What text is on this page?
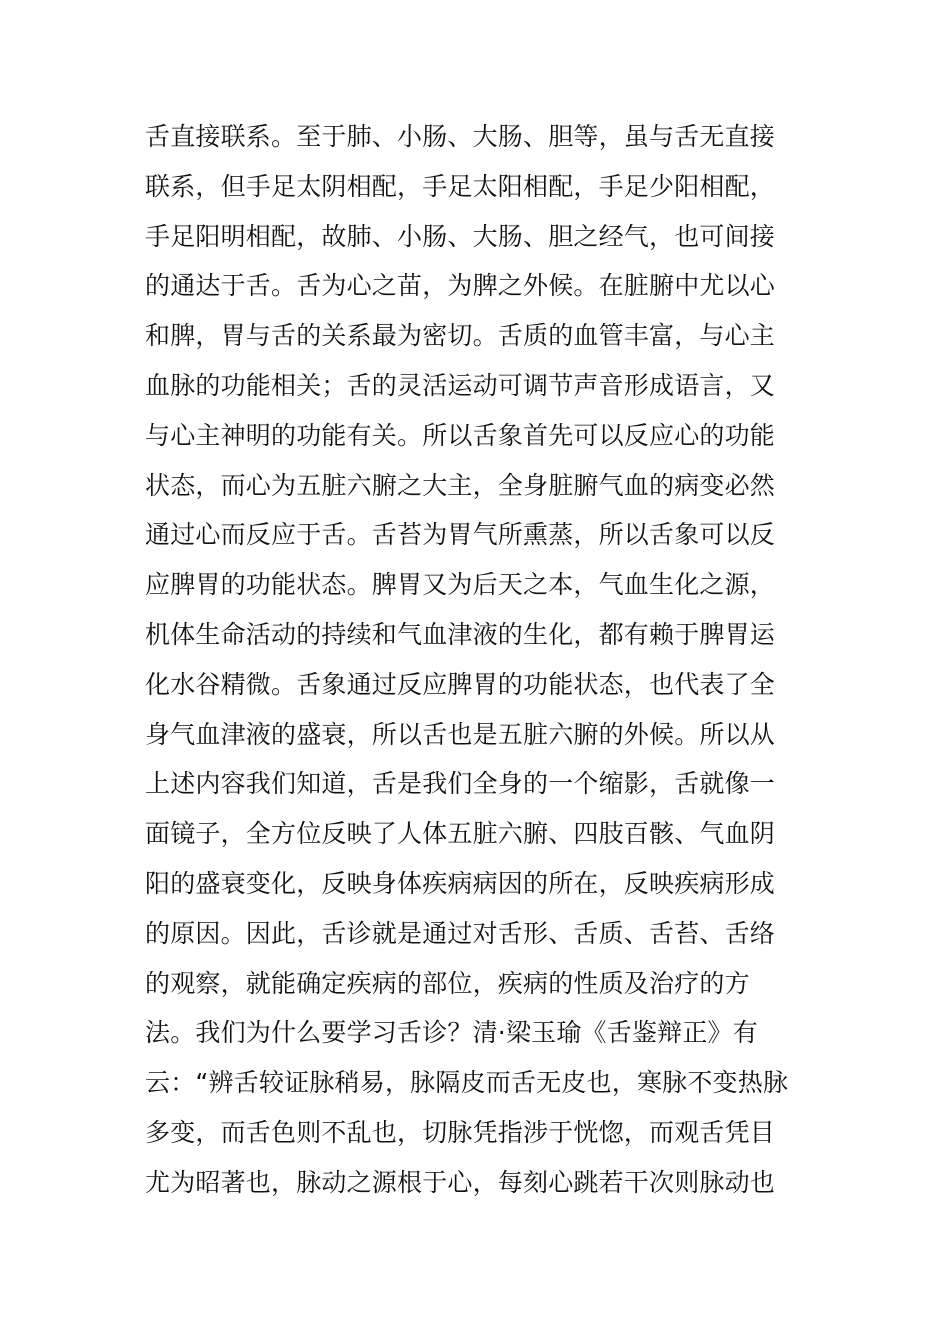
舌直接联系。至于肺、小肠、大肠、胆等，虽与舌无直接
联系，但手足太阴相配，手足太阳相配，手足少阳相配，
手足阳明相配，故肺、小肠、大肠、胆之经气，也可间接
的通达于舌。舌为心之苗，为脾之外候。在脏腑中尤以心
和脾，胃与舌的关系最为密切。舌质的血管丰富，与心主
血脉的功能相关；舌的灵活运动可调节声音形成语言，又
与心主神明的功能有关。所以舌象首先可以反应心的功能
状态，而心为五脏六腑之大主，全身脏腑气血的病变必然
通过心而反应于舌。舌苔为胃气所熏蒸，所以舌象可以反
应脾胃的功能状态。脾胃又为后天之本，气血生化之源，
机体生命活动的持续和气血津液的生化，都有赖于脾胃运
化水谷精微。舌象通过反应脾胃的功能状态，也代表了全
身气血津液的盛衰，所以舌也是五脏六腑的外候。所以从
上述内容我们知道，舌是我们全身的一个缩影，舌就像一
面镜子，全方位反映了人体五脏六腑、四肢百骸、气血阴
阳的盛衰变化，反映身体疾病病因的所在，反映疾病形成
的原因。因此，舌诊就是通过对舌形、舌质、舌苔、舌络
的观察，就能确定疾病的部位，疾病的性质及治疗的方
法。我们为什么要学习舌诊？清·梁玉瑜《舌鉴辩正》有
云：“辨舌较证脉稍易，脉隔皮而舌无皮也，寒脉不变热脉
多变，而舌色则不乱也，切脉凭指涉于恍惚，而观舌凭目
尤为昭著也，脉动之源根于心，每刻心跳若干次则脉动也
